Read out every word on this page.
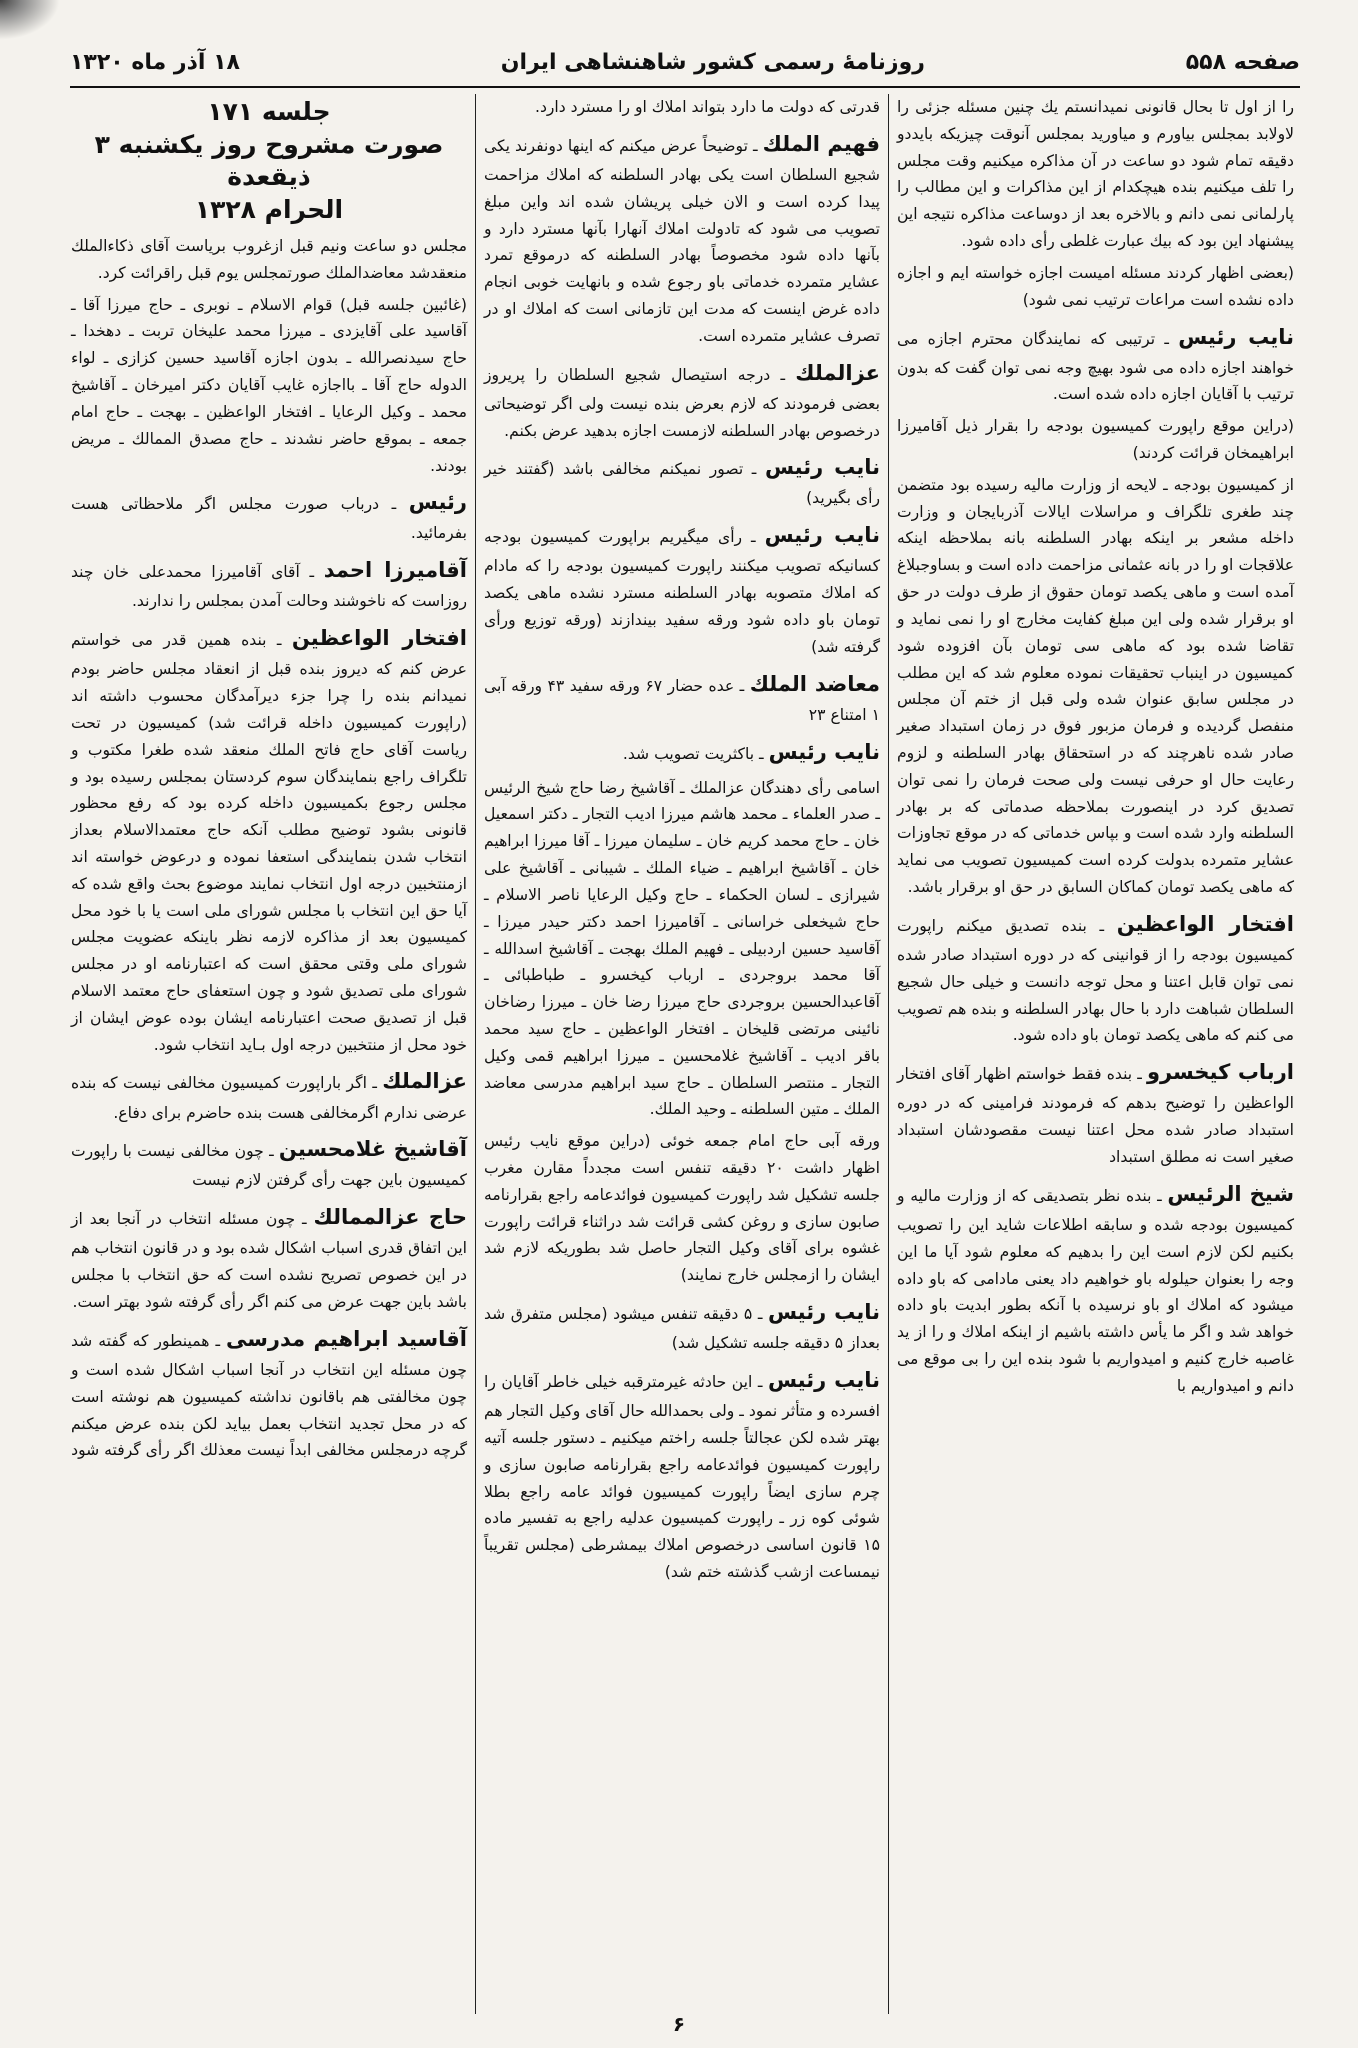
صفحه ۵۵۸
روزنامهٔ رسمی کشور شاهنشاهی ایران
۱۸ آذر ماه ۱۳۲۰

را از اول تا بحال قانونی نمیدانستم یك چنین مسئله جزئی را لاولابد بمجلس بیاورم و میاورید بمجلس آنوقت چیزیکه بایددو دقیقه تمام شود دو ساعت در آن مذاکره میکنیم وقت مجلس را تلف میکنیم بنده هیچکدام از این مذاکرات و این مطالب را پارلمانی نمی دانم و بالاخره بعد از دوساعت مذاکره نتیجه این پیشنهاد این بود که بیك عبارت غلطی رأی داده شود.

(بعضی اظهار کردند مسئله امیست اجازه خواسته ایم و اجازه داده نشده است مراعات ترتیب نمی شود)

نایب رئیس ـ ترتیبی که نمایندگان محترم اجازه می خواهند اجازه داده می شود بهیچ وجه نمی توان گفت که بدون ترتیب با آقایان اجازه داده شده است.

(دراین موقع راپورت کمیسیون بودجه را بقرار ذیل آقامیرزا ابراهیمخان قرائت کردند)

از کمیسیون بودجه ـ لایحه از وزارت مالیه رسیده بود متضمن چند طغری تلگراف و مراسلات ایالات آذربایجان و وزارت داخله مشعر بر اینکه بهادر السلطنه بانه بملاحظه اینکه علاقجات او را در بانه عثمانی مزاحمت داده است و بساوجبلاغ آمده است و ماهی یکصد تومان حقوق از طرف دولت در حق او برقرار شده ولی این مبلغ کفایت مخارج او را نمی نماید و تقاضا شده بود که ماهی سی تومان بآن افزوده شود کمیسیون در اینباب تحقیقات نموده معلوم شد که این مطلب در مجلس سابق عنوان شده ولی قبل از ختم آن مجلس منفصل گردیده و فرمان مزبور فوق در زمان استبداد صغیر صادر شده ناهرچند که در استحقاق بهادر السلطنه و لزوم رعایت حال او حرفی نیست ولی صحت فرمان را نمی توان تصدیق کرد در اینصورت بملاحظه صدماتی که بر بهادر السلطنه وارد شده است و بپاس خدماتی که در موقع تجاوزات عشایر متمرده بدولت کرده است کمیسیون تصویب می نماید که ماهی یکصد تومان کماکان السابق در حق او برقرار باشد.

افتخار الواعظین ـ بنده تصدیق میکنم راپورت کمیسیون بودجه را از قوانینی که در دوره استبداد صادر شده نمی توان قابل اعتنا و محل توجه دانست و خیلی حال شجیع السلطان شباهت دارد با حال بهادر السلطنه و بنده هم تصویب می کنم که ماهی یکصد تومان باو داده شود.

ارباب کیخسرو ـ بنده فقط خواستم اظهار آقای افتخار الواعظین را توضیح بدهم که فرمودند فرامینی که در دوره استبداد صادر شده محل اعتنا نیست مقصودشان استبداد صغیر است نه مطلق استبداد

شیخ الرئیس ـ بنده نظر بتصدیقی که از وزارت مالیه و کمیسیون بودجه شده و سابقه اطلاعات شاید این را تصویب بکنیم لکن لازم است این را بدهیم که معلوم شود آیا ما این وجه را بعنوان حیلوله باو خواهیم داد یعنی مادامی که باو داده میشود که املاك او باو نرسیده با آنکه بطور ابدیت باو داده خواهد شد و اگر ما یأس داشته باشیم از اینکه املاك و را از ید غاصبه خارج کنیم و امیدواریم با شود بنده این را بی موقع می دانم و امیدواریم با

قدرتی که دولت ما دارد بتواند املاك او را مسترد دارد.

فهیم الملك ـ توضیحاً عرض میکنم که اینها دونفرند یکی شجیع السلطان است یکی بهادر السلطنه که املاك مزاحمت پیدا کرده است و الان خیلی پریشان شده اند واین مبلغ تصویب می شود که تادولت املاك آنهارا بآنها مسترد دارد و بآنها داده شود مخصوصاً بهادر السلطنه که درموقع تمرد عشایر متمرده خدماتی باو رجوع شده و بانهایت خوبی انجام داده غرض اینست که مدت این تازمانی است که املاك او در تصرف عشایر متمرده است.

عزالملك ـ درجه استیصال شجیع السلطان را پریروز بعضی فرمودند که لازم بعرض بنده نیست ولی اگر توضیحاتی درخصوص بهادر السلطنه لازمست اجازه بدهید عرض بکنم.

نایب رئیس ـ تصور نمیکنم مخالفی باشد (گفتند خیر رأی بگیرید)

نایب رئیس ـ رأی میگیریم براپورت کمیسیون بودجه کسانیکه تصویب میکنند راپورت کمیسیون بودجه را که مادام که املاك متصوبه بهادر السلطنه مسترد نشده ماهی یکصد تومان باو داده شود ورقه سفید بیندازند (ورقه توزیع ورأی گرفته شد)

معاضد الملك ـ عده حضار ۶۷ ورقه سفید ۴۳ ورقه آبی ۱ امتناع ۲۳

نایب رئیس ـ باکثریت تصویب شد.

اسامی رأی دهندگان عزالملك ـ آقاشیخ رضا حاج شیخ الرئیس ـ صدر العلماء ـ محمد هاشم میرزا ادیب التجار ـ دکتر اسمعیل خان ـ حاج محمد کریم خان ـ سلیمان میرزا ـ آقا میرزا ابراهیم خان ـ آقاشیخ ابراهیم ـ ضیاء الملك ـ شیبانی ـ آقاشیخ علی شیرازی ـ لسان الحکماء ـ حاج وکیل الرعایا ناصر الاسلام ـ حاج شیخعلی خراسانی ـ آقامیرزا احمد دکتر حیدر میرزا ـ آقاسید حسین اردبیلی ـ فهیم الملك بهجت ـ آقاشیخ اسدالله ـ آقا محمد بروجردی ـ ارباب کیخسرو ـ طباطبائی ـ آقاعبدالحسین بروجردی حاج میرزا رضا خان ـ میرزا رضاخان نائینی مرتضی قلیخان ـ افتخار الواعظین ـ حاج سید محمد باقر ادیب ـ آقاشیخ غلامحسین ـ میرزا ابراهیم قمی وکیل التجار ـ منتصر السلطان ـ حاج سید ابراهیم مدرسی معاضد الملك ـ متین السلطنه ـ وحید الملك.

ورقه آبی حاج امام جمعه خوئی (دراین موقع نایب رئیس اظهار داشت ۲۰ دقیقه تنفس است مجدداً مقارن مغرب جلسه تشکیل شد راپورت کمیسیون فوائدعامه راجع بقرارنامه صابون سازی و روغن کشی قرائت شد دراثناء قرائت راپورت غشوه برای آقای وکیل التجار حاصل شد بطوریکه لازم شد ایشان را ازمجلس خارج نمایند)

نایب رئیس ـ ۵ دقیقه تنفس میشود (مجلس متفرق شد بعداز ۵ دقیقه جلسه تشکیل شد)

نایب رئیس ـ این حادثه غیرمترقبه خیلی خاطر آقایان را افسرده و متأثر نمود ـ ولی بحمدالله حال آقای وکیل التجار هم بهتر شده لکن عجالتاً جلسه راختم میکنیم ـ دستور جلسه آتیه راپورت کمیسیون فوائدعامه راجع بقرارنامه صابون سازی و چرم سازی ایضاً راپورت کمیسیون فوائد عامه راجع بطلا شوئی کوه زر ـ راپورت کمیسیون عدلیه راجع به تفسیر ماده ۱۵ قانون اساسی درخصوص املاك بیمشرطی (مجلس تقریباً نیمساعت ازشب گذشته ختم شد)

جلسه ۱۷۱
صورت مشروح روز یکشنبه ۳ ذیقعدة
الحرام ۱۳۲۸

مجلس دو ساعت ونیم قبل ازغروب بریاست آقای ذکاءالملك منعقدشد معاضدالملك صورتمجلس یوم قبل راقرائت کرد.

(غائبین جلسه قبل) قوام الاسلام ـ نوبری ـ حاج میرزا آقا ـ آقاسید علی آقایزدی ـ میرزا محمد علیخان تربت ـ دهخدا ـ حاج سیدنصرالله ـ بدون اجازه آقاسید حسین کزازی ـ لواء الدوله حاج آقا ـ بااجازه غایب آقایان دکتر امیرخان ـ آقاشیخ محمد ـ وکیل الرعایا ـ افتخار الواعظین ـ بهجت ـ حاج امام جمعه ـ بموقع حاضر نشدند ـ حاج مصدق الممالك ـ مریض بودند.

رئیس ـ درباب صورت مجلس اگر ملاحظاتی هست بفرمائید.

آقامیرزا احمد ـ آقای آقامیرزا محمدعلی خان چند روزاست که ناخوشند وحالت آمدن بمجلس را ندارند.

افتخار الواعظین ـ بنده همین قدر می خواستم عرض کنم که دیروز بنده قبل از انعقاد مجلس حاضر بودم نمیدانم بنده را چرا جزء دیرآمدگان محسوب داشته اند (راپورت کمیسیون داخله قرائت شد) کمیسیون در تحت ریاست آقای حاج فاتح الملك منعقد شده طغرا مکتوب و تلگراف راجع بنمایندگان سوم کردستان بمجلس رسیده بود و مجلس رجوع بکمیسیون داخله کرده بود که رفع محظور قانونی بشود توضیح مطلب آنکه حاج معتمدالاسلام بعداز انتخاب شدن بنمایندگی استعفا نموده و درعوض خواسته اند ازمنتخبین درجه اول انتخاب نمایند موضوع بحث واقع شده که آیا حق این انتخاب با مجلس شورای ملی است یا با خود محل کمیسیون بعد از مذاکره لازمه نظر باینکه عضویت مجلس شورای ملی وقتی محقق است که اعتبارنامه او در مجلس شورای ملی تصدیق شود و چون استعفای حاج معتمد الاسلام قبل از تصدیق صحت اعتبارنامه ایشان بوده عوض ایشان از خود محل از منتخبین درجه اول بـاید انتخاب شود.

عزالملك ـ اگر باراپورت کمیسیون مخالفی نیست که بنده عرضی ندارم اگرمخالفی هست بنده حاضرم برای دفاع.

آقاشیخ غلامحسین ـ چون مخالفی نیست با راپورت کمیسیون باین جهت رأی گرفتن لازم نیست

حاج عزالممالك ـ چون مسئله انتخاب در آنجا بعد از این اتفاق قدری اسباب اشکال شده بود و در قانون انتخاب هم در این خصوص تصریح نشده است که حق انتخاب با مجلس باشد باین جهت عرض می کنم اگر رأی گرفته شود بهتر است.

آقاسید ابراهیم مدرسی ـ همینطور که گفته شد چون مسئله این انتخاب در آنجا اسباب اشکال شده است و چون مخالفتی هم باقانون نداشته کمیسیون هم نوشته است که در محل تجدید انتخاب بعمل بیاید لکن بنده عرض میکنم گرچه درمجلس مخالفی ابداً نیست معذلك اگر رأی گرفته شود

۶
